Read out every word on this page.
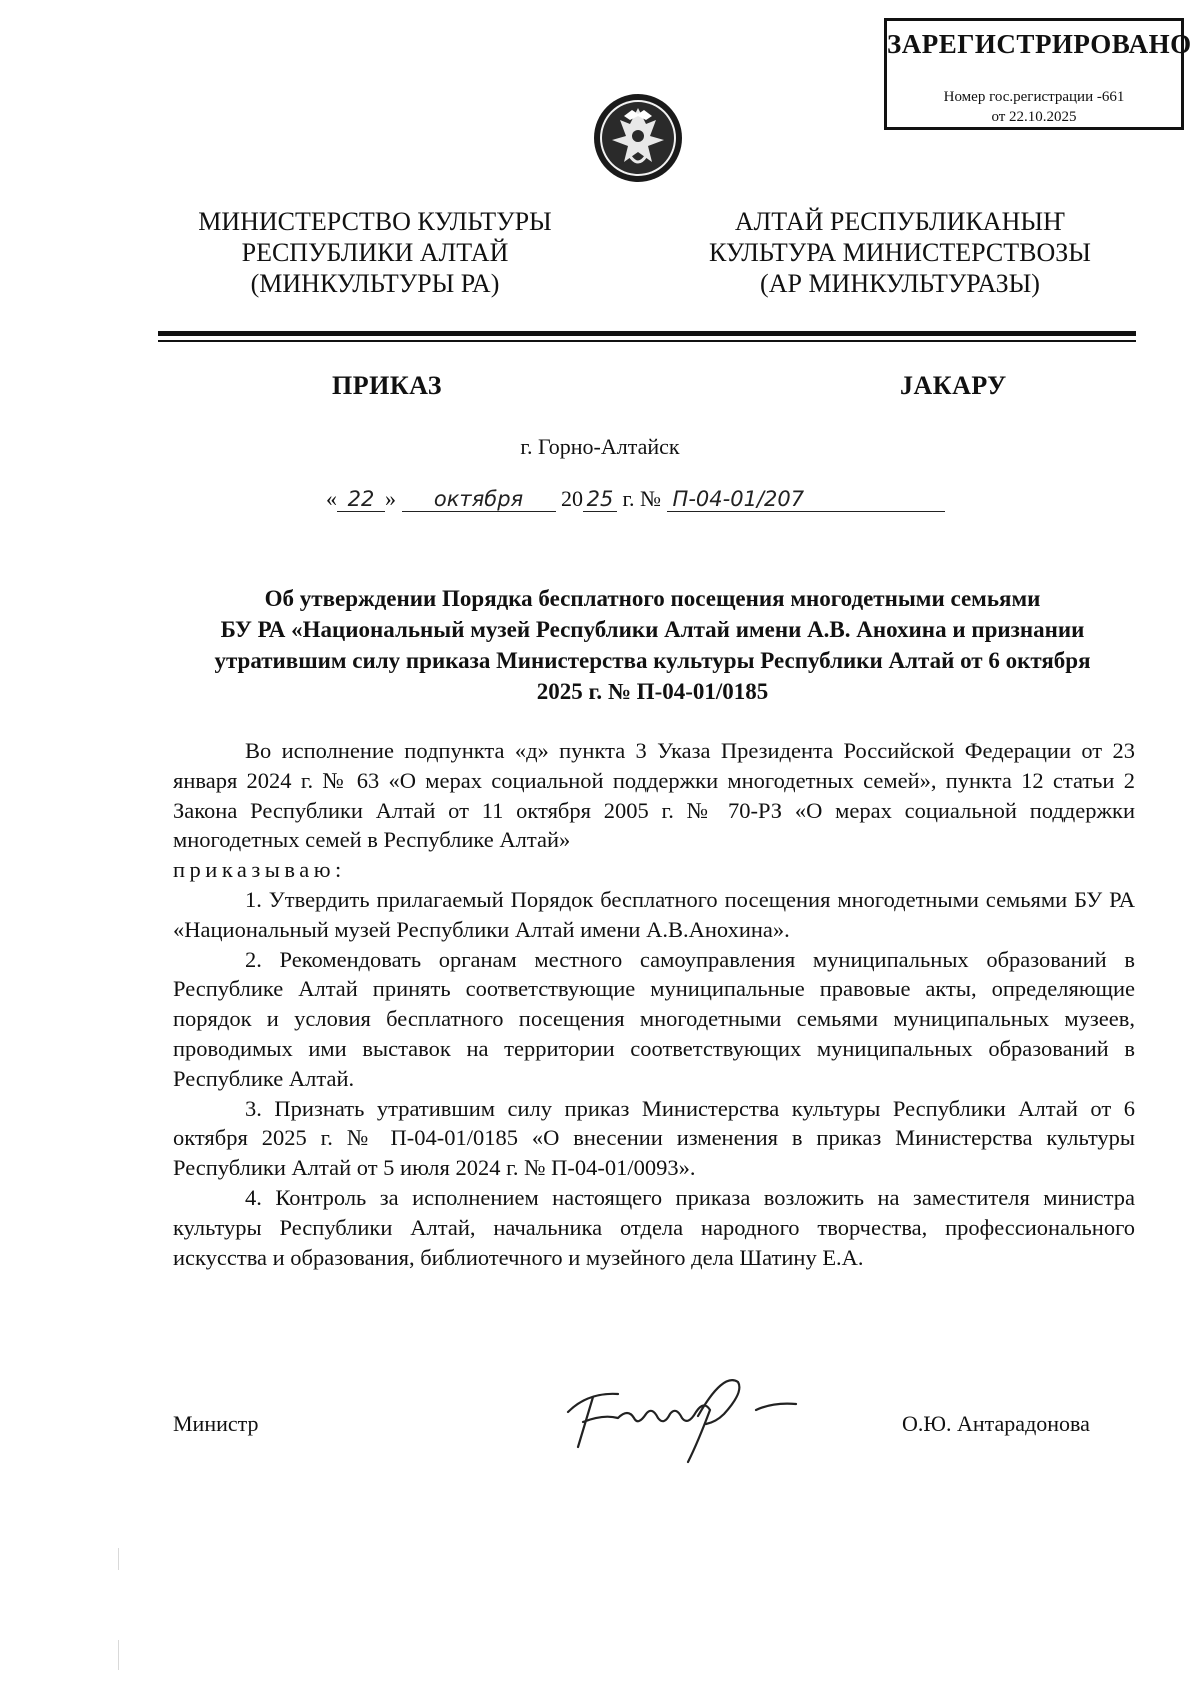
ЗАРЕГИСТРИРОВАНО
Номер гос.регистрации -661
от 22.10.2025
МИНИСТЕРСТВО КУЛЬТУРЫ
РЕСПУБЛИКИ АЛТАЙ
(МИНКУЛЬТУРЫ РА)
АЛТАЙ РЕСПУБЛИКАНЫҤ
КУЛЬТУРА МИНИСТЕРСТВОЗЫ
(АР МИНКУЛЬТУРАЗЫ)
ПРИКАЗ	ЈАКАРУ
г. Горно-Алтайск
« 22 » октября 20 25 г. № П-04-01/207
Об утверждении Порядка бесплатного посещения многодетными семьями
БУ РА «Национальный музей Республики Алтай имени А.В. Анохина и признании
утратившим силу приказа Министерства культуры Республики Алтай от 6 октября
2025 г. № П-04-01/0185

Во исполнение подпункта «д» пункта 3 Указа Президента Российской Федерации от 23 января 2024 г. № 63 «О мерах социальной поддержки многодетных семей», пункта 12 статьи 2 Закона Республики Алтай от 11 октября 2005 г. № 70-РЗ «О мерах социальной поддержки многодетных семей в Республике Алтай»

приказываю:

1. Утвердить прилагаемый Порядок бесплатного посещения многодетными семьями БУ РА «Национальный музей Республики Алтай имени А.В.Анохина».

2. Рекомендовать органам местного самоуправления муниципальных образований в Республике Алтай принять соответствующие муниципальные правовые акты, определяющие порядок и условия бесплатного посещения многодетными семьями муниципальных музеев, проводимых ими выставок на территории соответствующих муниципальных образований в Республике Алтай.

3. Признать утратившим силу приказ Министерства культуры Республики Алтай от 6 октября 2025 г. № П-04-01/0185 «О внесении изменения в приказ Министерства культуры Республики Алтай от 5 июля 2024 г. № П-04-01/0093».

4. Контроль за исполнением настоящего приказа возложить на заместителя министра культуры Республики Алтай, начальника отдела народного творчества, профессионального искусства и образования, библиотечного и музейного дела Шатину Е.А.

Министр	О.Ю. Антарадонова
